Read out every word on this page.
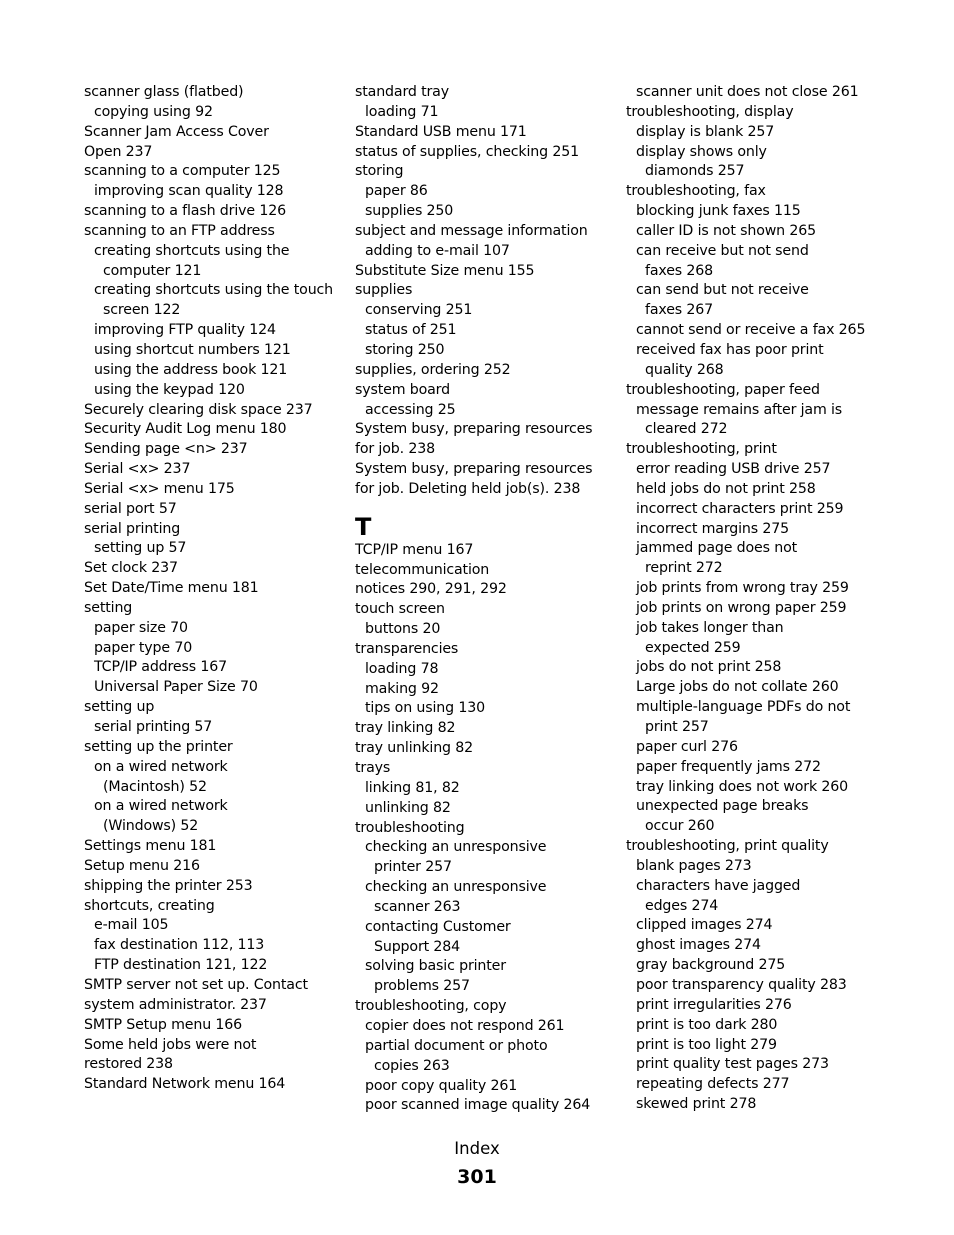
scanner glass (flatbed)
copying using 92
Scanner Jam Access Cover
Open 237
scanning to a computer 125
improving scan quality 128
scanning to a flash drive 126
scanning to an FTP address
creating shortcuts using the
computer 121
creating shortcuts using the touch
screen 122
improving FTP quality 124
using shortcut numbers 121
using the address book 121
using the keypad 120
Securely clearing disk space 237
Security Audit Log menu 180
Sending page <n> 237
Serial <x> 237
Serial <x> menu 175
serial port 57
serial printing
setting up 57
Set clock 237
Set Date/Time menu 181
setting
paper size 70
paper type 70
TCP/IP address 167
Universal Paper Size 70
setting up
serial printing 57
setting up the printer
on a wired network
(Macintosh) 52
on a wired network
(Windows) 52
Settings menu 181
Setup menu 216
shipping the printer 253
shortcuts, creating
e-mail 105
fax destination 112, 113
FTP destination 121, 122
SMTP server not set up. Contact
system administrator. 237
SMTP Setup menu 166
Some held jobs were not
restored 238
Standard Network menu 164
standard tray
loading 71
Standard USB menu 171
status of supplies, checking 251
storing
paper 86
supplies 250
subject and message information
adding to e-mail 107
Substitute Size menu 155
supplies
conserving 251
status of 251
storing 250
supplies, ordering 252
system board
accessing 25
System busy, preparing resources
for job. 238
System busy, preparing resources
for job. Deleting held job(s). 238
T
TCP/IP menu 167
telecommunication
notices 290, 291, 292
touch screen
buttons 20
transparencies
loading 78
making 92
tips on using 130
tray linking 82
tray unlinking 82
trays
linking 81, 82
unlinking 82
troubleshooting
checking an unresponsive
printer 257
checking an unresponsive
scanner 263
contacting Customer
Support 284
solving basic printer
problems 257
troubleshooting, copy
copier does not respond 261
partial document or photo
copies 263
poor copy quality 261
poor scanned image quality 264
scanner unit does not close 261
troubleshooting, display
display is blank 257
display shows only
diamonds 257
troubleshooting, fax
blocking junk faxes 115
caller ID is not shown 265
can receive but not send
faxes 268
can send but not receive
faxes 267
cannot send or receive a fax 265
received fax has poor print
quality 268
troubleshooting, paper feed
message remains after jam is
cleared 272
troubleshooting, print
error reading USB drive 257
held jobs do not print 258
incorrect characters print 259
incorrect margins 275
jammed page does not
reprint 272
job prints from wrong tray 259
job prints on wrong paper 259
job takes longer than
expected 259
jobs do not print 258
Large jobs do not collate 260
multiple-language PDFs do not
print 257
paper curl 276
paper frequently jams 272
tray linking does not work 260
unexpected page breaks
occur 260
troubleshooting, print quality
blank pages 273
characters have jagged
edges 274
clipped images 274
ghost images 274
gray background 275
poor transparency quality 283
print irregularities 276
print is too dark 280
print is too light 279
print quality test pages 273
repeating defects 277
skewed print 278
Index
301
